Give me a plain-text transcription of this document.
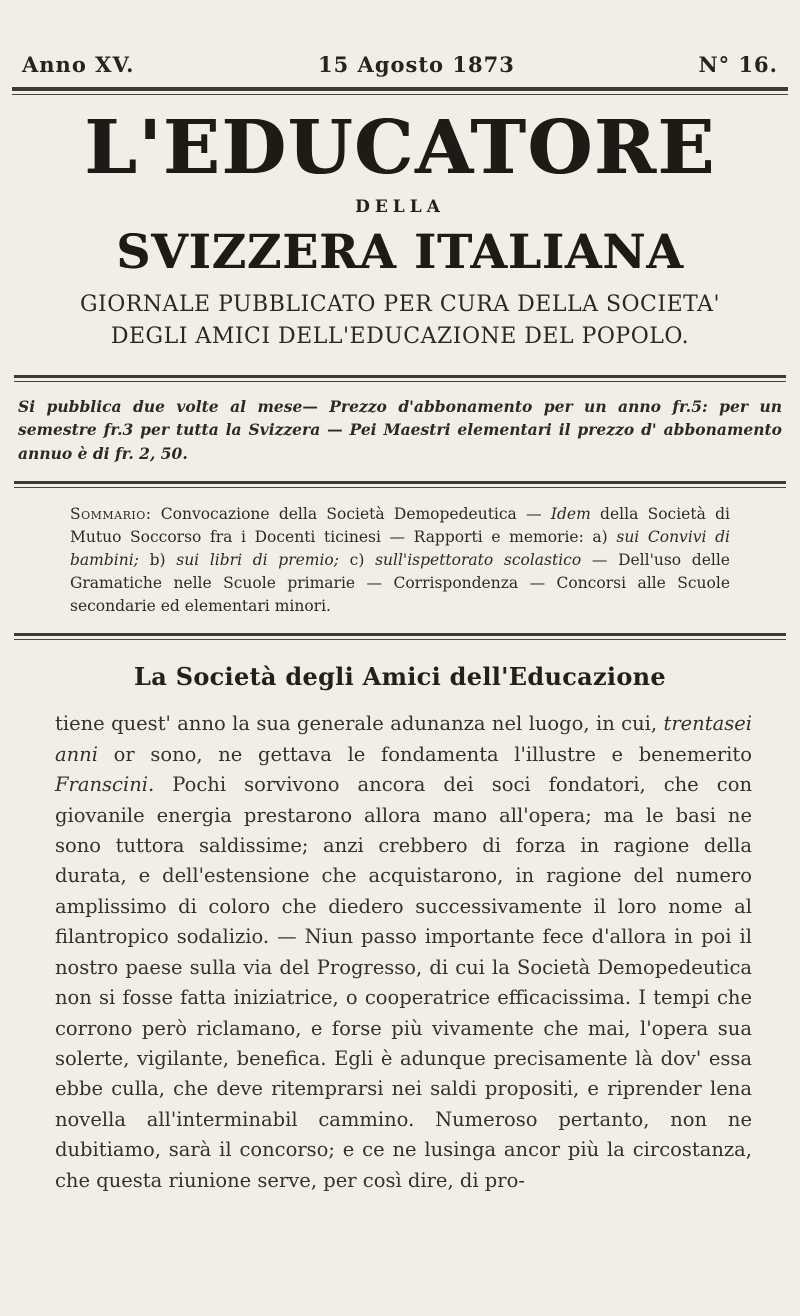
Anno XV.	15 Agosto 1873	N° 16.
L'EDUCATORE
DELLA
SVIZZERA ITALIANA
GIORNALE PUBBLICATO PER CURA DELLA SOCIETA'
DEGLI AMICI DELL'EDUCAZIONE DEL POPOLO.

Si pubblica due volte al mese— Prezzo d'abbonamento per un anno fr.5: per un semestre fr.3 per tutta la Svizzera — Pei Maestri elementari il prezzo d' abbonamento annuo è di fr. 2, 50.

Sommario: Convocazione della Società Demopedeutica — Idem della Società di Mutuo Soccorso fra i Docenti ticinesi — Rapporti e memorie: a) sui Convivi di bambini; b) sui libri di premio; c) sull'ispettorato scolastico — Dell'uso delle Gramatiche nelle Scuole primarie — Corrispondenza — Concorsi alle Scuole secondarie ed elementari minori.

La Società degli Amici dell'Educazione

tiene quest' anno la sua generale adunanza nel luogo, in cui, trentasei anni or sono, ne gettava le fondamenta l'illustre e benemerito Franscini. Pochi sorvivono ancora dei soci fondatori, che con giovanile energia prestarono allora mano all'opera; ma le basi ne sono tuttora saldissime; anzi crebbero di forza in ragione della durata, e dell'estensione che acquistarono, in ragione del numero amplissimo di coloro che diedero successivamente il loro nome al filantropico sodalizio. — Niun passo importante fece d'allora in poi il nostro paese sulla via del Progresso, di cui la Società Demopedeutica non si fosse fatta iniziatrice, o cooperatrice efficacissima. I tempi che corrono però riclamano, e forse più vivamente che mai, l'opera sua solerte, vigilante, benefica. Egli è adunque precisamente là dov' essa ebbe culla, che deve ritemprarsi nei saldi propositi, e riprender lena novella all'interminabil cammino. Numeroso pertanto, non ne dubitiamo, sarà il concorso; e ce ne lusinga ancor più la circostanza, che questa riunione serve, per così dire, di pro-
